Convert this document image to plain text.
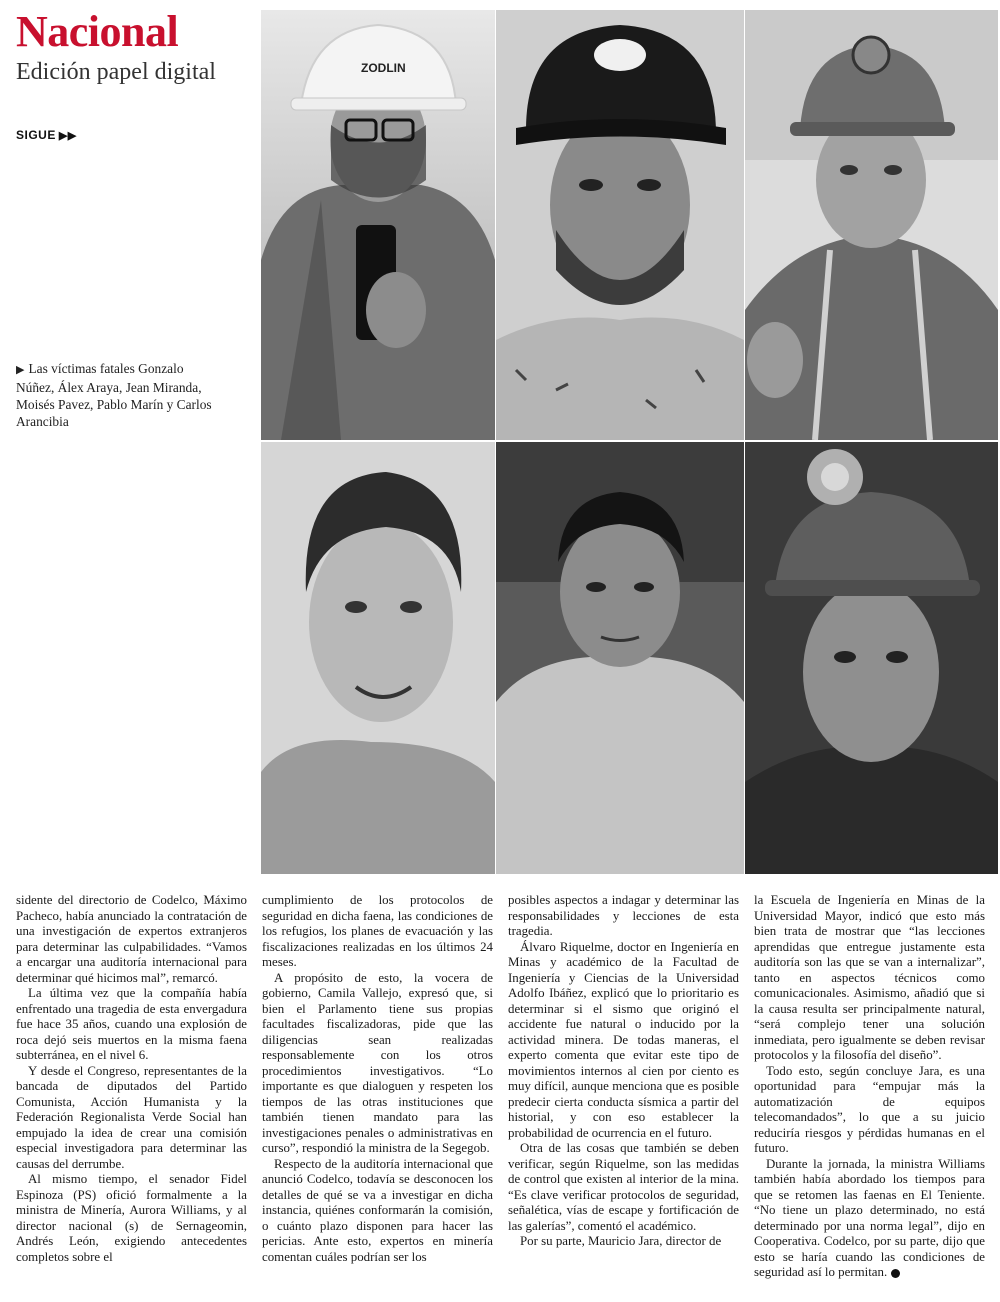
Nacional
Edición papel digital
SIGUE ▶▶
▶ Las víctimas fatales Gonzalo Núñez, Álex Araya, Jean Miranda, Moisés Pavez, Pablo Marín y Carlos Arancibia
ZODLIN

sidente del directorio de Codelco, Máximo Pacheco, había anunciado la contratación de una investigación de expertos extranjeros para determinar las culpabilidades. “Vamos a encargar una auditoría internacional para determinar qué hicimos mal”, remarcó.

La última vez que la compañía había enfrentado una tragedia de esta envergadura fue hace 35 años, cuando una explosión de roca dejó seis muertos en la misma faena subterránea, en el nivel 6.

Y desde el Congreso, representantes de la bancada de diputados del Partido Comunista, Acción Humanista y la Federación Regionalista Verde Social han empujado la idea de crear una comisión especial investigadora para determinar las causas del derrumbe.

Al mismo tiempo, el senador Fidel Espinoza (PS) ofició formalmente a la ministra de Minería, Aurora Williams, y al director nacional (s) de Sernageomin, Andrés León, exigiendo antecedentes completos sobre el

cumplimiento de los protocolos de seguridad en dicha faena, las condiciones de los refugios, los planes de evacuación y las fiscalizaciones realizadas en los últimos 24 meses.

A propósito de esto, la vocera de gobierno, Camila Vallejo, expresó que, si bien el Parlamento tiene sus propias facultades fiscalizadoras, pide que las diligencias sean realizadas responsablemente con los otros procedimientos investigativos. “Lo importante es que dialoguen y respeten los tiempos de las otras instituciones que también tienen mandato para las investigaciones penales o administrativas en curso”, respondió la ministra de la Segegob.

Respecto de la auditoría internacional que anunció Codelco, todavía se desconocen los detalles de qué se va a investigar en dicha instancia, quiénes conformarán la comisión, o cuánto plazo disponen para hacer las pericias. Ante esto, expertos en minería comentan cuáles podrían ser los

posibles aspectos a indagar y determinar las responsabilidades y lecciones de esta tragedia.

Álvaro Riquelme, doctor en Ingeniería en Minas y académico de la Facultad de Ingeniería y Ciencias de la Universidad Adolfo Ibáñez, explicó que lo prioritario es determinar si el sismo que originó el accidente fue natural o inducido por la actividad minera. De todas maneras, el experto comenta que evitar este tipo de movimientos internos al cien por ciento es muy difícil, aunque menciona que es posible predecir cierta conducta sísmica a partir del historial, y con eso establecer la probabilidad de ocurrencia en el futuro.

Otra de las cosas que también se deben verificar, según Riquelme, son las medidas de control que existen al interior de la mina. “Es clave verificar protocolos de seguridad, señalética, vías de escape y fortificación de las galerías”, comentó el académico.

Por su parte, Mauricio Jara, director de

la Escuela de Ingeniería en Minas de la Universidad Mayor, indicó que esto más bien trata de mostrar que “las lecciones aprendidas que entregue justamente esta auditoría son las que se van a internalizar”, tanto en aspectos técnicos como comunicacionales. Asimismo, añadió que si la causa resulta ser principalmente natural, “será complejo tener una solución inmediata, pero igualmente se deben revisar protocolos y la filosofía del diseño”.

Todo esto, según concluye Jara, es una oportunidad para “empujar más la automatización de equipos telecomandados”, lo que a su juicio reduciría riesgos y pérdidas humanas en el futuro.

Durante la jornada, la ministra Williams también había abordado los tiempos para que se retomen las faenas en El Teniente. “No tiene un plazo determinado, no está determinado por una norma legal”, dijo en Cooperativa. Codelco, por su parte, dijo que esto se haría cuando las condiciones de seguridad así lo permitan.
